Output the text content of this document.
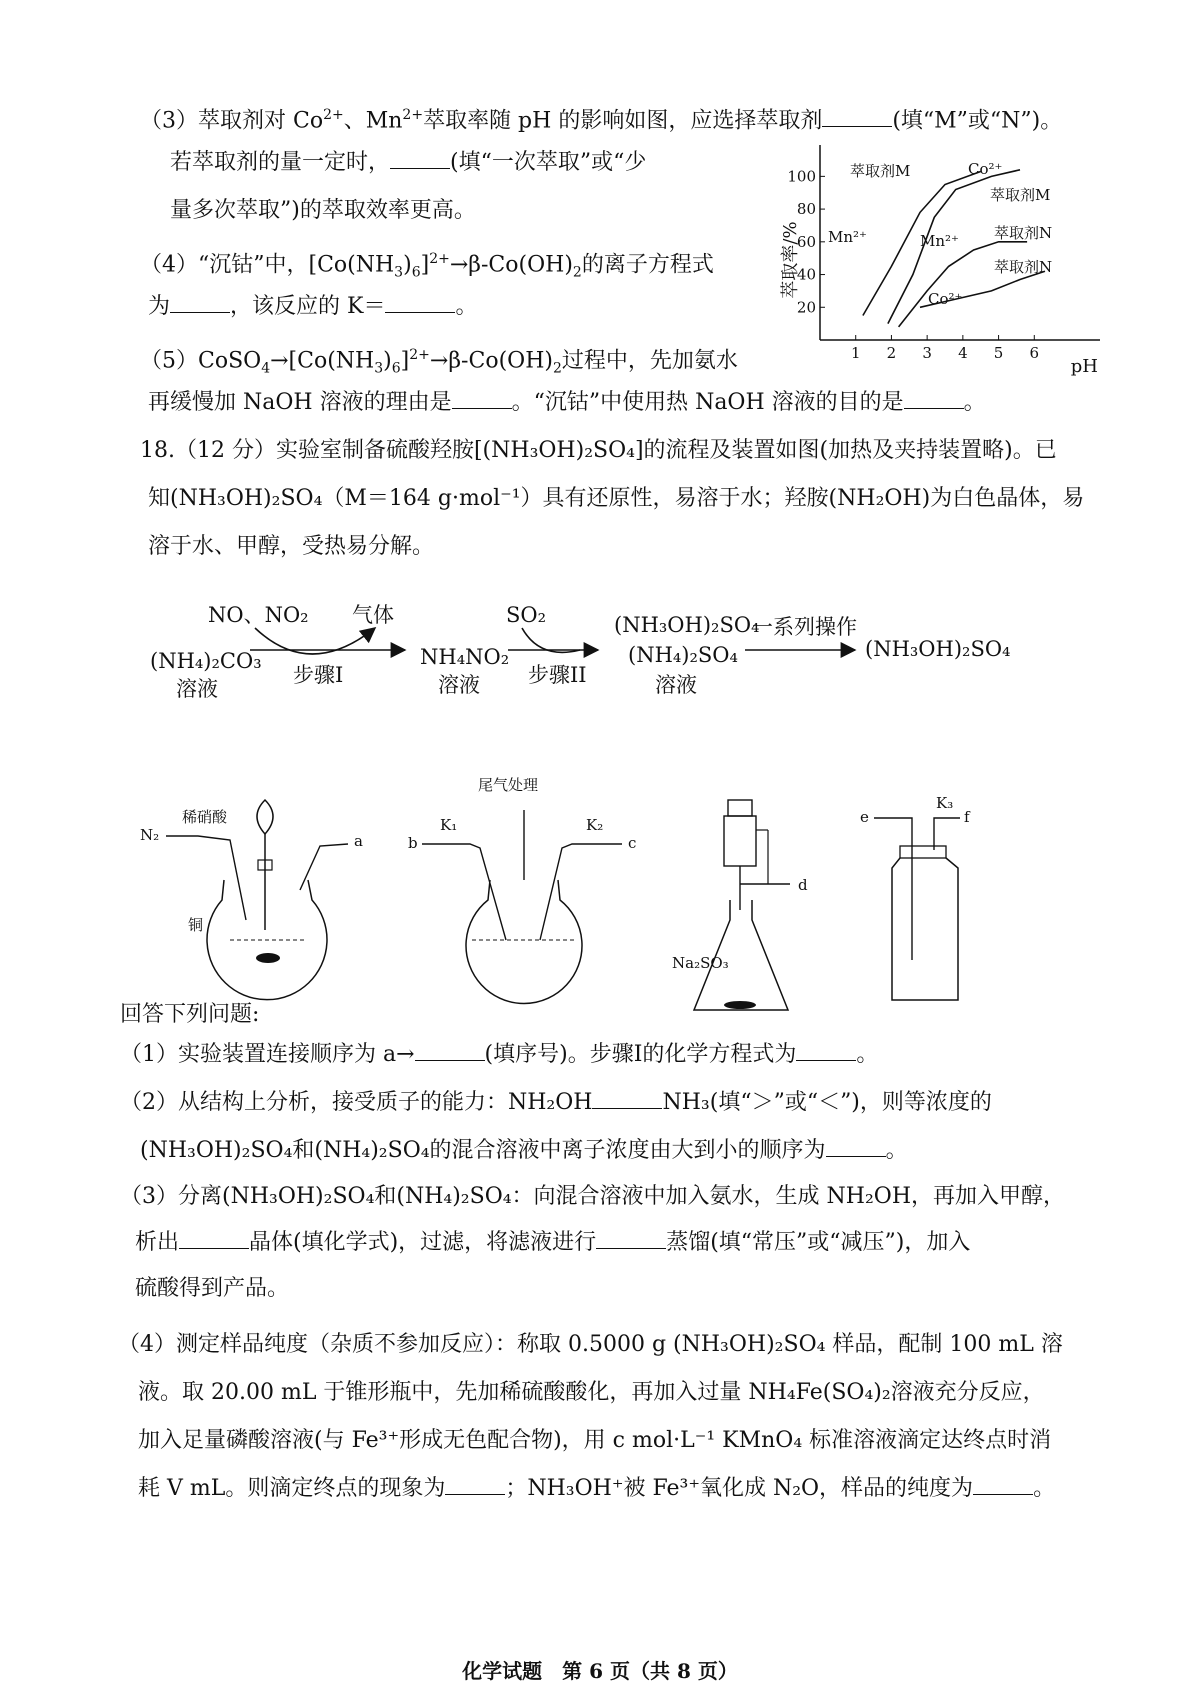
（3）萃取剂对 $Co^{2+}$、$Mn^{2+}$萃取率随 pH 的影响如图，应选择萃取剂	(填“M”或“N”)。
若萃取剂的量一定时，	(填“一次萃取”或“少
量多次萃取”)的萃取效率更高。
（4）“沉钴”中，$[Co(NH_3)_6]^{2+}\to\beta-Co(OH)_2$的离子方程式
为	，该反应的 K＝	。
$(5)CoSO_4\to[Co(NH_3)_6]^{2+}\to\beta-Co(OH)_2$过程中，先加氨水
再缓慢加 NaOH 溶液的理由是	。“沉钴”中使用热 NaOH 溶液的目的是	。
100
80
60
40
20
1 2 3 4 5 6
萃取率/%
pH
萃取剂M	Co²⁺
萃取剂M
Mn²⁺	Mn²⁺ 萃取剂N
萃取剂N
Co²⁺
18.（12 分）实验室制备硫酸羟胺[(NH₃OH)₂SO₄]的流程及装置如图(加热及夹持装置略)。已
知(NH₃OH)₂SO₄（M＝164 g·mol⁻¹）具有还原性，易溶于水；羟胺(NH₂OH)为白色晶体，易
溶于水、甲醇，受热易分解。
(NH₄)₂CO₃
溶液
NO、NO₂ 气体
步骤I
NH₄NO₂
溶液
SO₂
步骤II
(NH₃OH)₂SO₄
(NH₄)₂SO₄
溶液
一系列操作
(NH₃OH)₂SO₄
稀硝酸
N₂	a
铜
尾气处理
b
K₁	K₂
c
d
Na₂SO₃
e
K₃
f
回答下列问题:
（1）实验装置连接顺序为 a→	(填序号)。步骤I的化学方程式为	。
（2）从结构上分析，接受质子的能力：NH₂OH	NH₃(填“＞”或“＜”)，则等浓度的
(NH₃OH)₂SO₄和(NH₄)₂SO₄的混合溶液中离子浓度由大到小的顺序为	。
（3）分离(NH₃OH)₂SO₄和(NH₄)₂SO₄：向混合溶液中加入氨水，生成 NH₂OH，再加入甲醇，
析出	晶体(填化学式)，过滤，将滤液进行	蒸馏(填“常压”或“减压”)，加入
硫酸得到产品。
（4）测定样品纯度（杂质不参加反应）：称取 0.5000 g (NH₃OH)₂SO₄ 样品，配制 100 mL 溶
液。取 20.00 mL 于锥形瓶中，先加稀硫酸酸化，再加入过量 NH₄Fe(SO₄)₂溶液充分反应，
加入足量磷酸溶液(与 Fe³⁺形成无色配合物)，用 c mol·L⁻¹ KMnO₄ 标准溶液滴定达终点时消
耗 V mL。则滴定终点的现象为	；NH₃OH⁺被 Fe³⁺氧化成 N₂O，样品的纯度为	。
化学试题　第 6 页（共 8 页）
